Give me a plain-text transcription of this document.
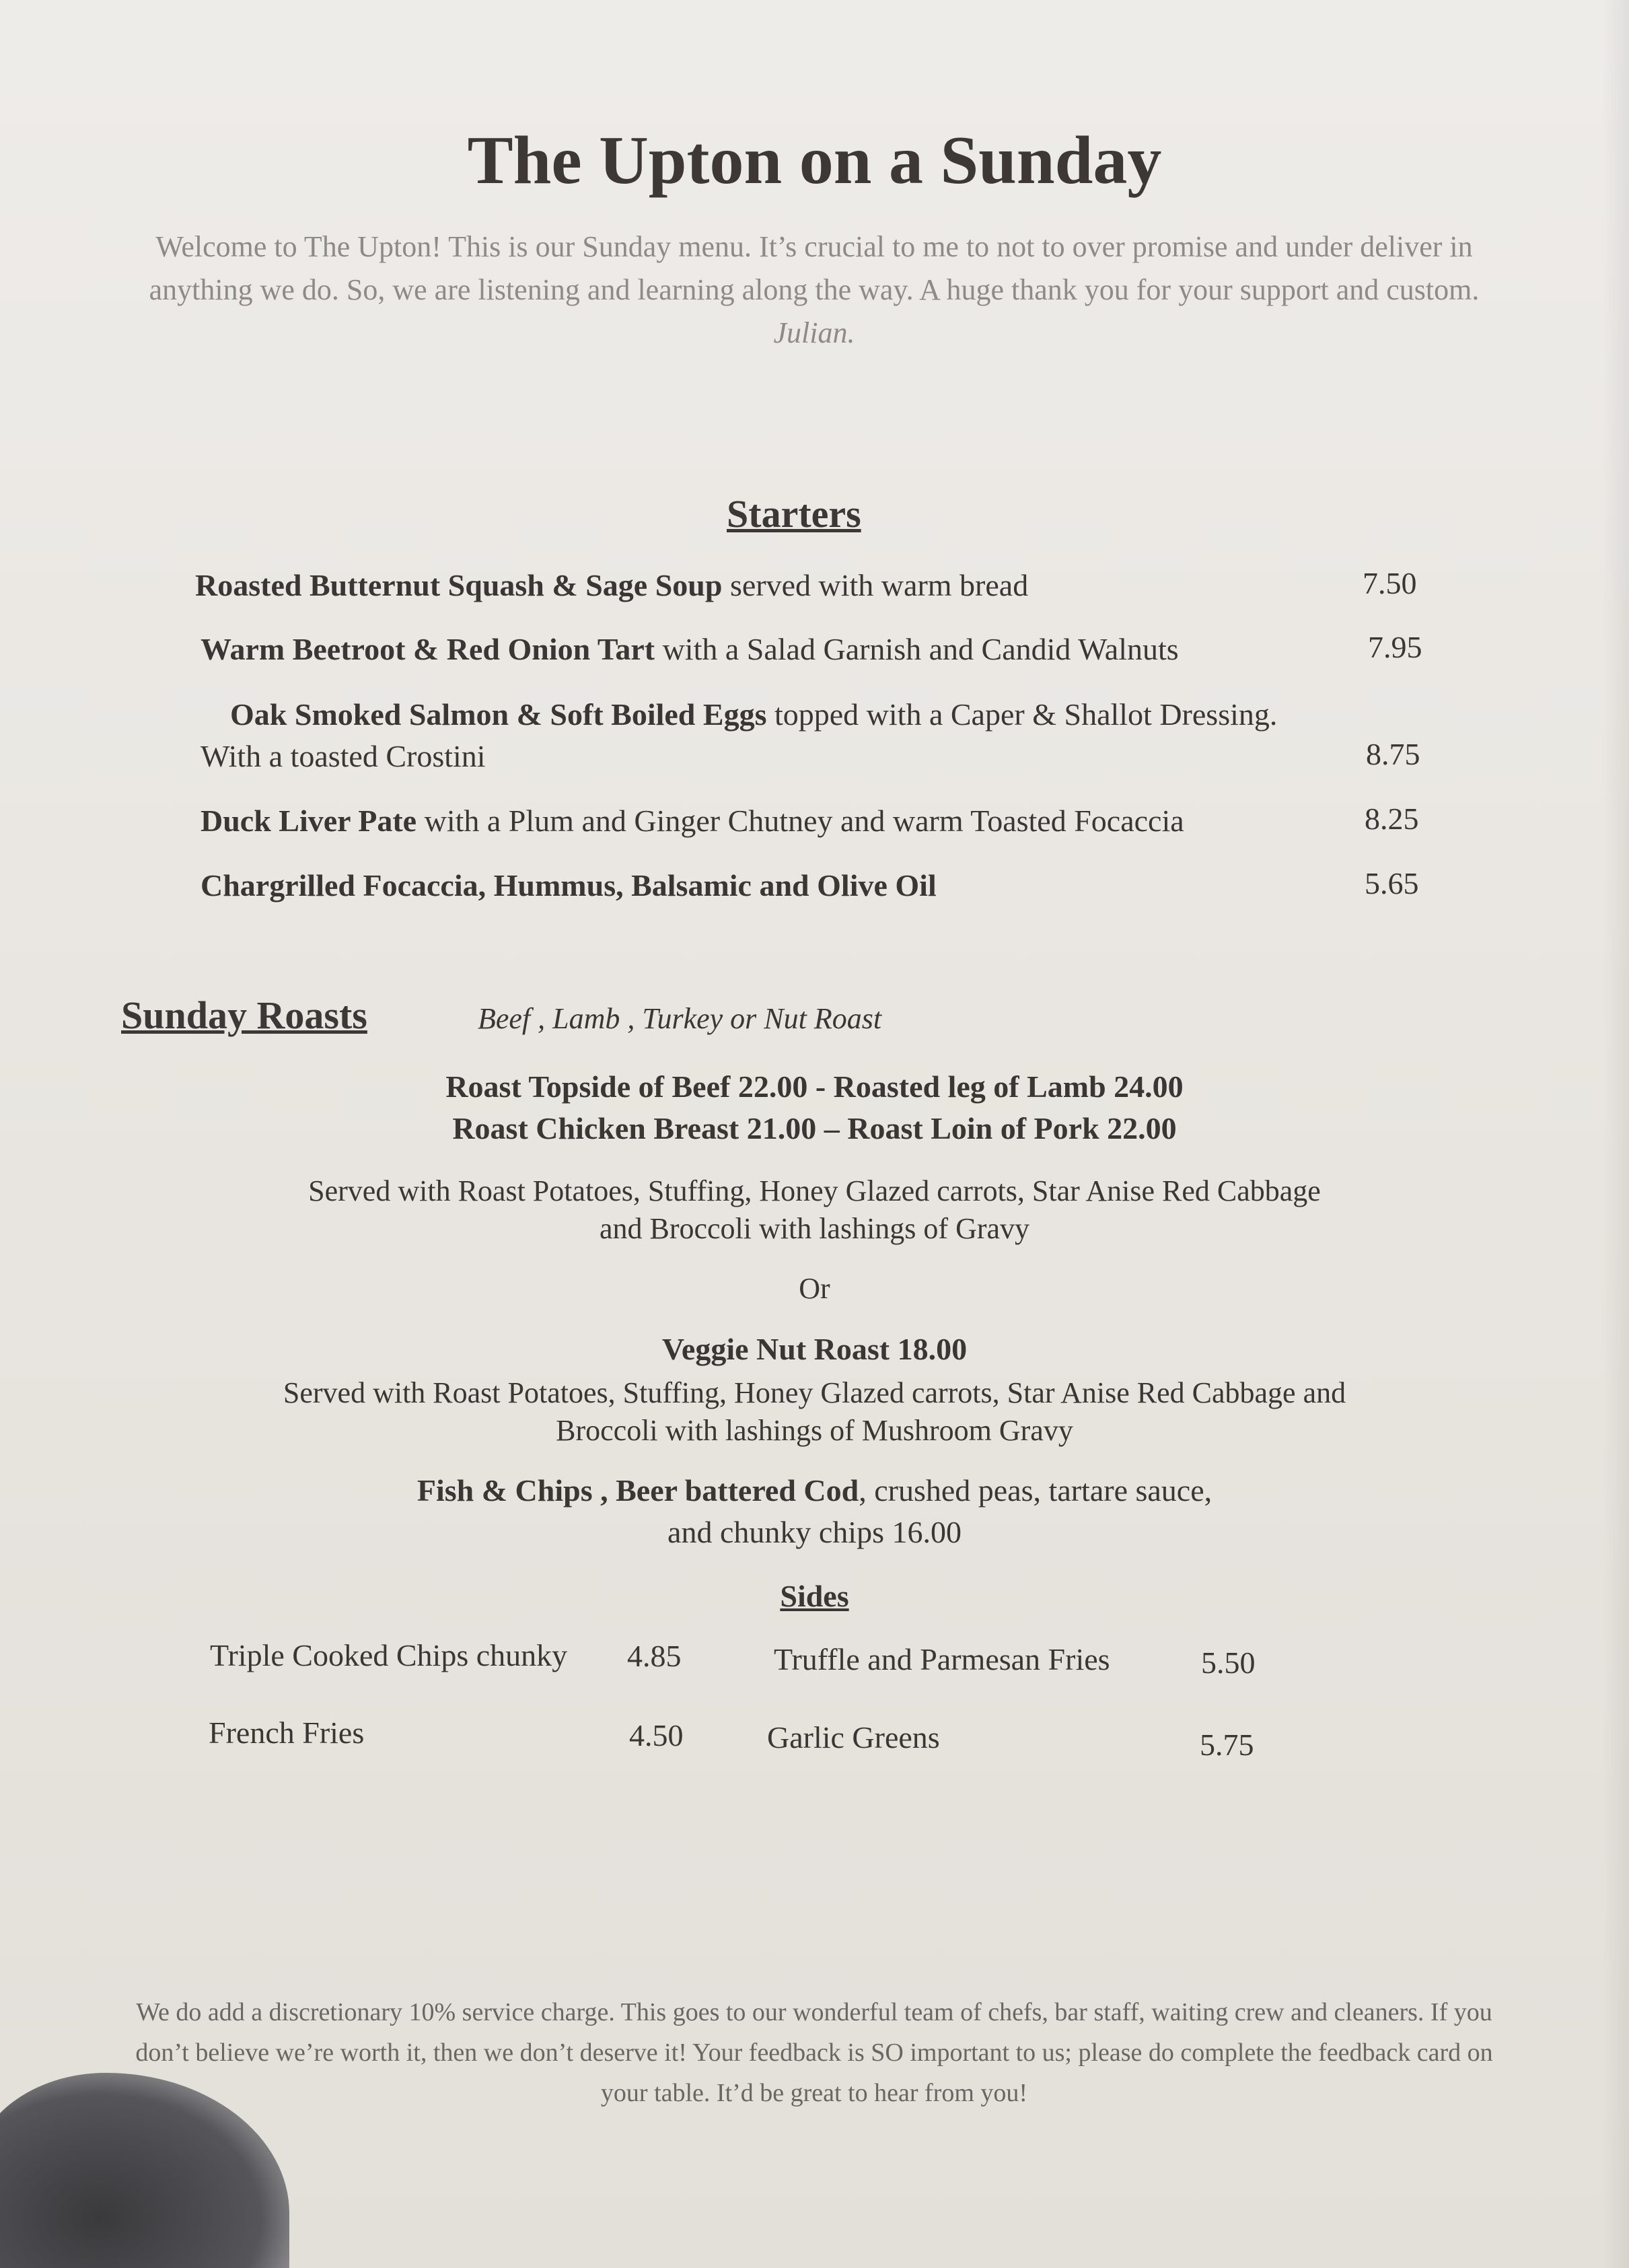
The Upton on a Sunday
Welcome to The Upton! This is our Sunday menu. It’s crucial to me to not to over promise and under deliver in anything we do. So, we are listening and learning along the way. A huge thank you for your support and custom. Julian.
Starters
Roasted Butternut Squash & Sage Soup served with warm bread	7.50
Warm Beetroot & Red Onion Tart with a Salad Garnish and Candid Walnuts	7.95
Oak Smoked Salmon & Soft Boiled Eggs topped with a Caper & Shallot Dressing.
With a toasted Crostini	8.75
Duck Liver Pate with a Plum and Ginger Chutney and warm Toasted Focaccia	8.25
Chargrilled Focaccia, Hummus, Balsamic and Olive Oil	5.65
Sunday Roasts	Beef , Lamb , Turkey or Nut Roast
Roast Topside of Beef 22.00 - Roasted leg of Lamb 24.00
Roast Chicken Breast 21.00 – Roast Loin of Pork 22.00
Served with Roast Potatoes, Stuffing, Honey Glazed carrots, Star Anise Red Cabbage
and Broccoli with lashings of Gravy
Or
Veggie Nut Roast 18.00
Served with Roast Potatoes, Stuffing, Honey Glazed carrots, Star Anise Red Cabbage and
Broccoli with lashings of Mushroom Gravy
Fish & Chips , Beer battered Cod, crushed peas, tartare sauce,
and chunky chips 16.00
Sides
Triple Cooked Chips chunky 4.85	Truffle and Parmesan Fries	5.50
French Fries	4.50	Garlic Greens	5.75
We do add a discretionary 10% service charge. This goes to our wonderful team of chefs, bar staff, waiting crew and cleaners. If you don’t believe we’re worth it, then we don’t deserve it! Your feedback is SO important to us; please do complete the feedback card on your table. It’d be great to hear from you!
